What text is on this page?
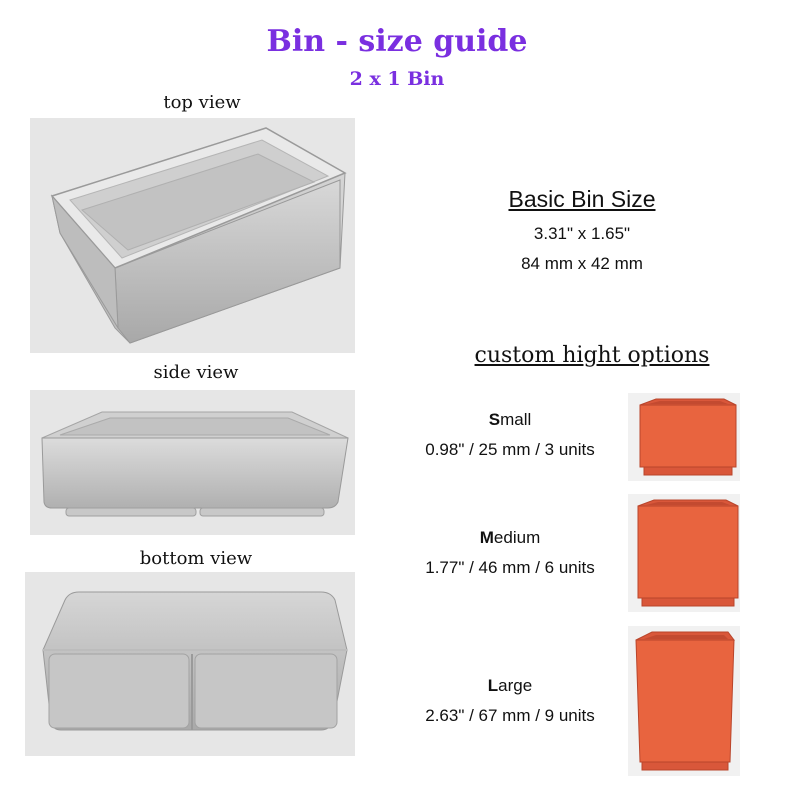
Bin - size guide
2 x 1 Bin
top view
side view
bottom view
Basic Bin Size
3.31" x 1.65"
84 mm x 42 mm
custom hight options
Small
0.98" / 25 mm / 3 units
Medium
1.77" / 46 mm / 6 units
Large
2.63" / 67 mm / 9 units
